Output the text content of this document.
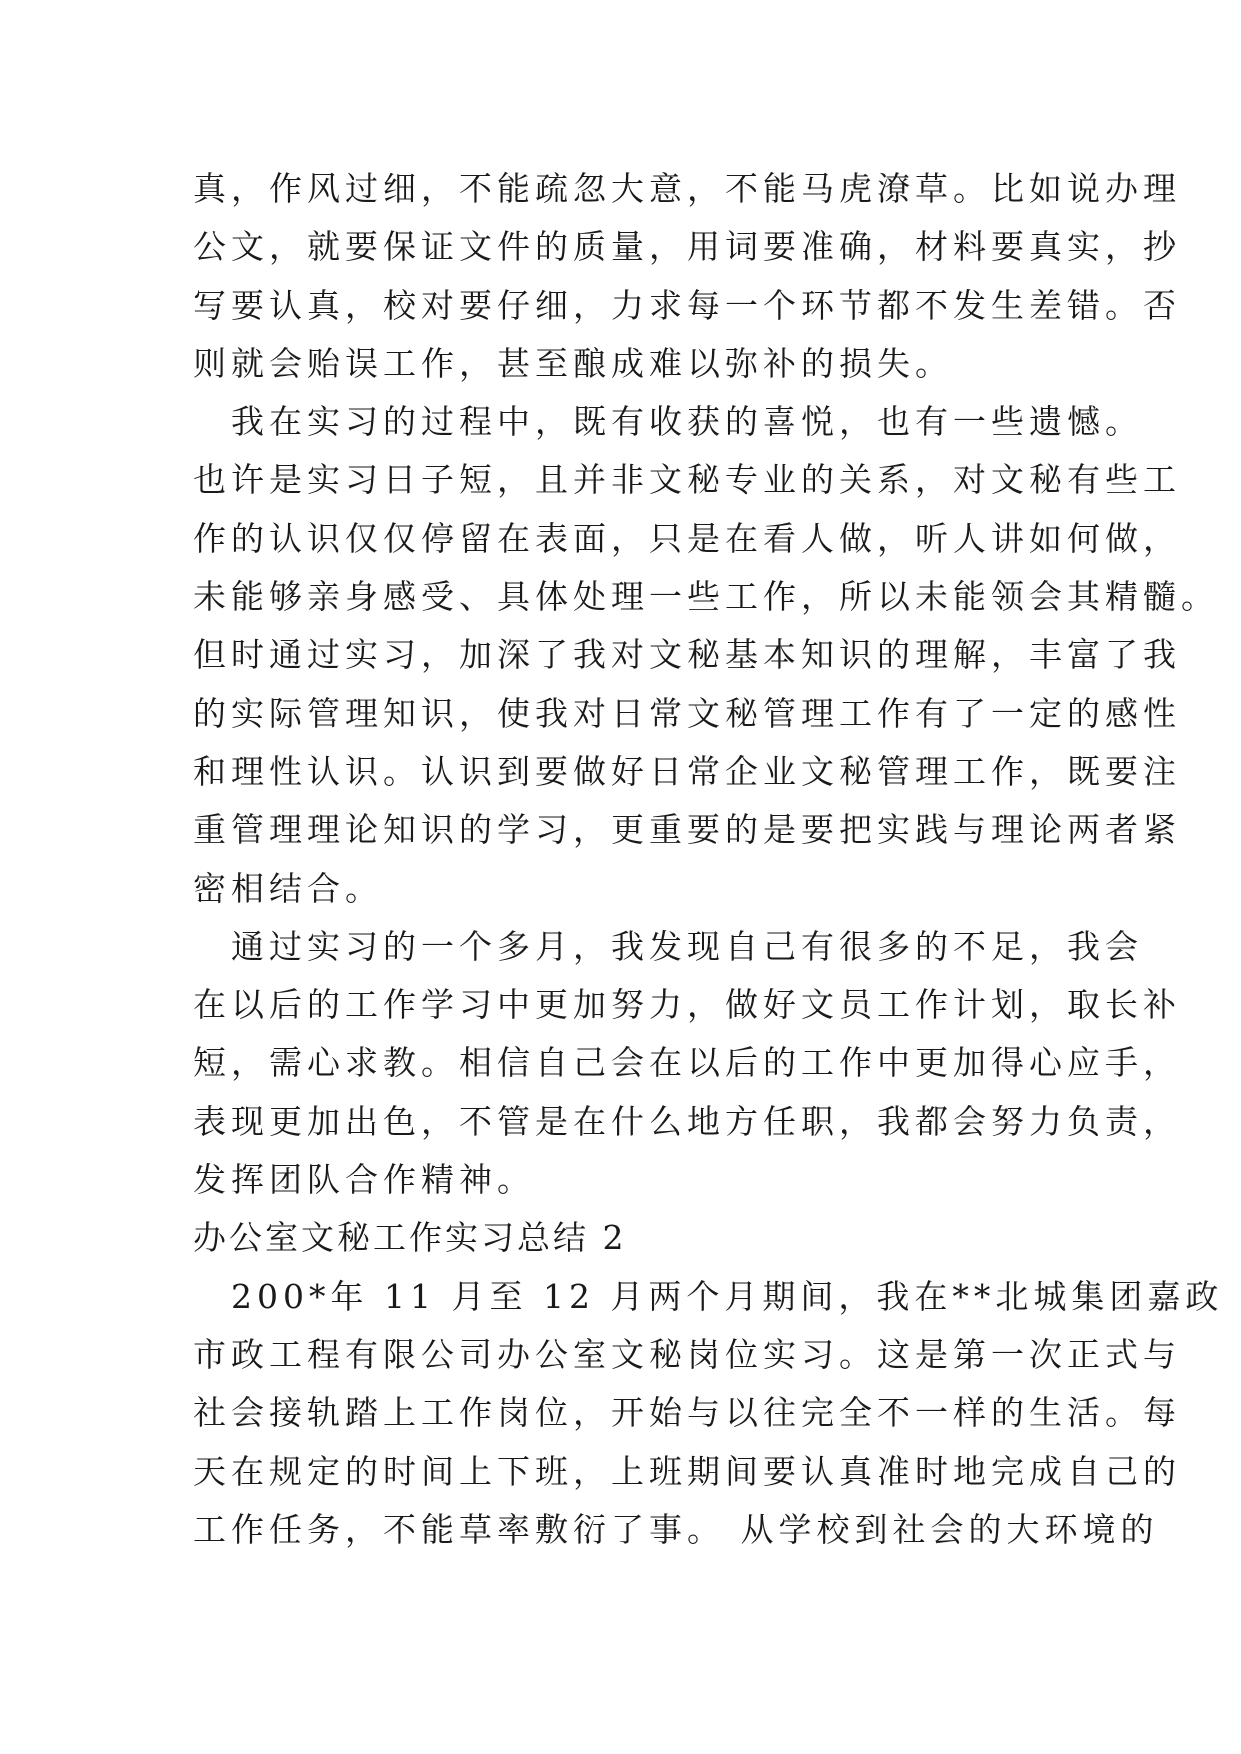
真，作风过细，不能疏忽大意，不能马虎潦草。比如说办理
公文，就要保证文件的质量，用词要准确，材料要真实，抄
写要认真，校对要仔细，力求每一个环节都不发生差错。否
则就会贻误工作，甚至酿成难以弥补的损失。
　我在实习的过程中，既有收获的喜悦，也有一些遗憾。
也许是实习日子短，且并非文秘专业的关系，对文秘有些工
作的认识仅仅停留在表面，只是在看人做，听人讲如何做，
未能够亲身感受、具体处理一些工作，所以未能领会其精髓。
但时通过实习，加深了我对文秘基本知识的理解，丰富了我
的实际管理知识，使我对日常文秘管理工作有了一定的感性
和理性认识。认识到要做好日常企业文秘管理工作，既要注
重管理理论知识的学习，更重要的是要把实践与理论两者紧
密相结合。
　通过实习的一个多月，我发现自己有很多的不足，我会
在以后的工作学习中更加努力，做好文员工作计划，取长补
短，需心求教。相信自己会在以后的工作中更加得心应手，
表现更加出色，不管是在什么地方任职，我都会努力负责，
发挥团队合作精神。
办公室文秘工作实习总结 2
　200*年 11 月至 12 月两个月期间，我在**北城集团嘉政
市政工程有限公司办公室文秘岗位实习。这是第一次正式与
社会接轨踏上工作岗位，开始与以往完全不一样的生活。每
天在规定的时间上下班，上班期间要认真准时地完成自己的
工作任务，不能草率敷衍了事。 从学校到社会的大环境的
